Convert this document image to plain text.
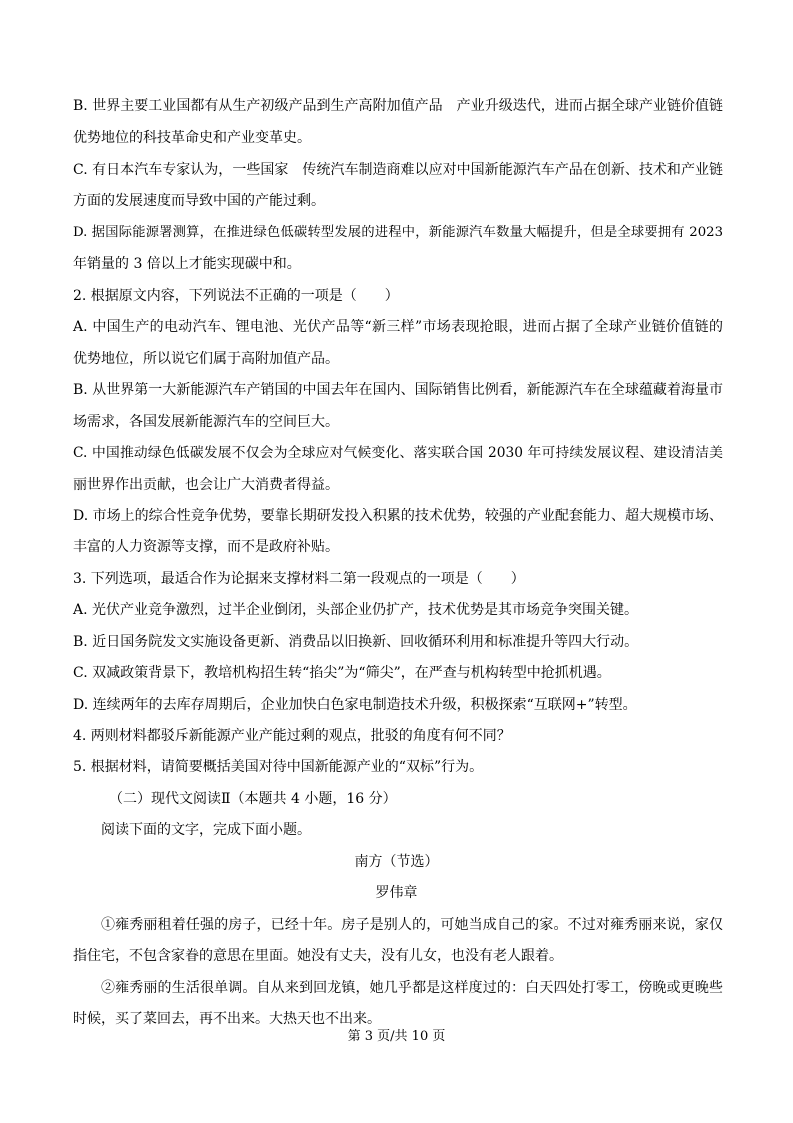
B. 世界主要工业国都有从生产初级产品到生产高附加值产品　产业升级迭代，进而占据全球产业链价值链
优势地位的科技革命史和产业变革史。
C. 有日本汽车专家认为，一些国家　传统汽车制造商难以应对中国新能源汽车产品在创新、技术和产业链
方面的发展速度而导致中国的产能过剩。
D. 据国际能源署测算，在推进绿色低碳转型发展的进程中，新能源汽车数量大幅提升，但是全球要拥有 2023
年销量的 3 倍以上才能实现碳中和。
2. 根据原文内容，下列说法不正确的一项是（　　）
A. 中国生产的电动汽车、锂电池、光伏产品等“新三样”市场表现抢眼，进而占据了全球产业链价值链的
优势地位，所以说它们属于高附加值产品。
B. 从世界第一大新能源汽车产销国的中国去年在国内、国际销售比例看，新能源汽车在全球蕴藏着海量市
场需求，各国发展新能源汽车的空间巨大。
C. 中国推动绿色低碳发展不仅会为全球应对气候变化、落实联合国 2030 年可持续发展议程、建设清洁美
丽世界作出贡献，也会让广大消费者得益。
D. 市场上的综合性竞争优势，要靠长期研发投入积累的技术优势，较强的产业配套能力、超大规模市场、
丰富的人力资源等支撑，而不是政府补贴。
3. 下列选项，最适合作为论据来支撑材料二第一段观点的一项是（　　）
A. 光伏产业竞争激烈，过半企业倒闭，头部企业仍扩产，技术优势是其市场竞争突围关键。
B. 近日国务院发文实施设备更新、消费品以旧换新、回收循环利用和标准提升等四大行动。
C. 双减政策背景下，教培机构招生转“掐尖”为“筛尖”，在严查与机构转型中抢抓机遇。
D. 连续两年的去库存周期后，企业加快白色家电制造技术升级，积极探索“互联网+”转型。
4. 两则材料都驳斥新能源产业产能过剩的观点，批驳的角度有何不同？
5. 根据材料，请简要概括美国对待中国新能源产业的“双标”行为。
（二）现代文阅读Ⅱ（本题共 4 小题，16 分）
阅读下面的文字，完成下面小题。
南方（节选）
罗伟章
①雍秀丽租着任强的房子，已经十年。房子是别人的，可她当成自己的家。不过对雍秀丽来说，家仅
指住宅，不包含家眷的意思在里面。她没有丈夫，没有儿女，也没有老人跟着。
②雍秀丽的生活很单调。自从来到回龙镇，她几乎都是这样度过的：白天四处打零工，傍晚或更晚些
时候，买了菜回去，再不出来。大热天也不出来。
第 3 页/共 10 页
